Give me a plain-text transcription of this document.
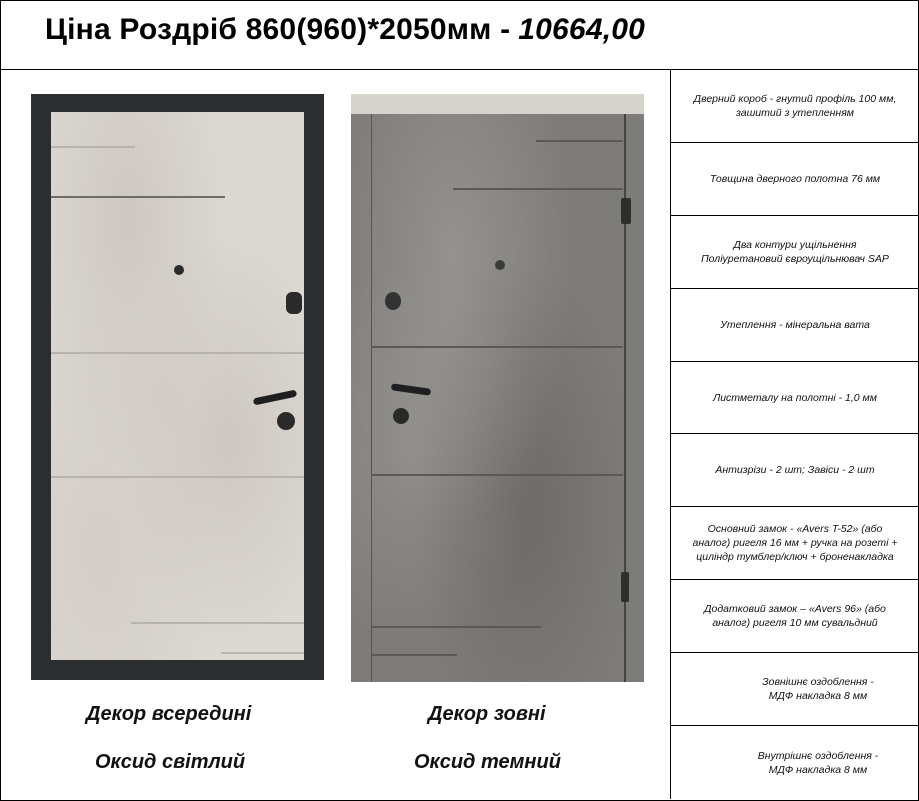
Ціна Роздріб 860(960)*2050мм - 10664,00
Декор всередині	Декор зовні
Оксид світлий	Оксид темний
Дверний короб - гнутий профіль 100 мм,
зашитий з утепленням
Товщина дверного полотна 76 мм
Два контури ущільнення
Поліуретановий євроущільнювач SAP
Утеплення - мінеральна вата
Листметалу на полотні - 1,0 мм
Антизрізи - 2 шт; Завіси - 2 шт
Основний замок - «Avers T-52» (або
аналог) ригеля 16 мм + ручка на розеті +
циліндр тумблер/ключ + броненакладка
Додатковий замок – «Avers 96» (або
аналог) ригеля 10 мм сувальдний
Зовнішнє оздоблення -
МДФ накладка 8 мм
Внутрішнє оздоблення -
МДФ накладка 8 мм
